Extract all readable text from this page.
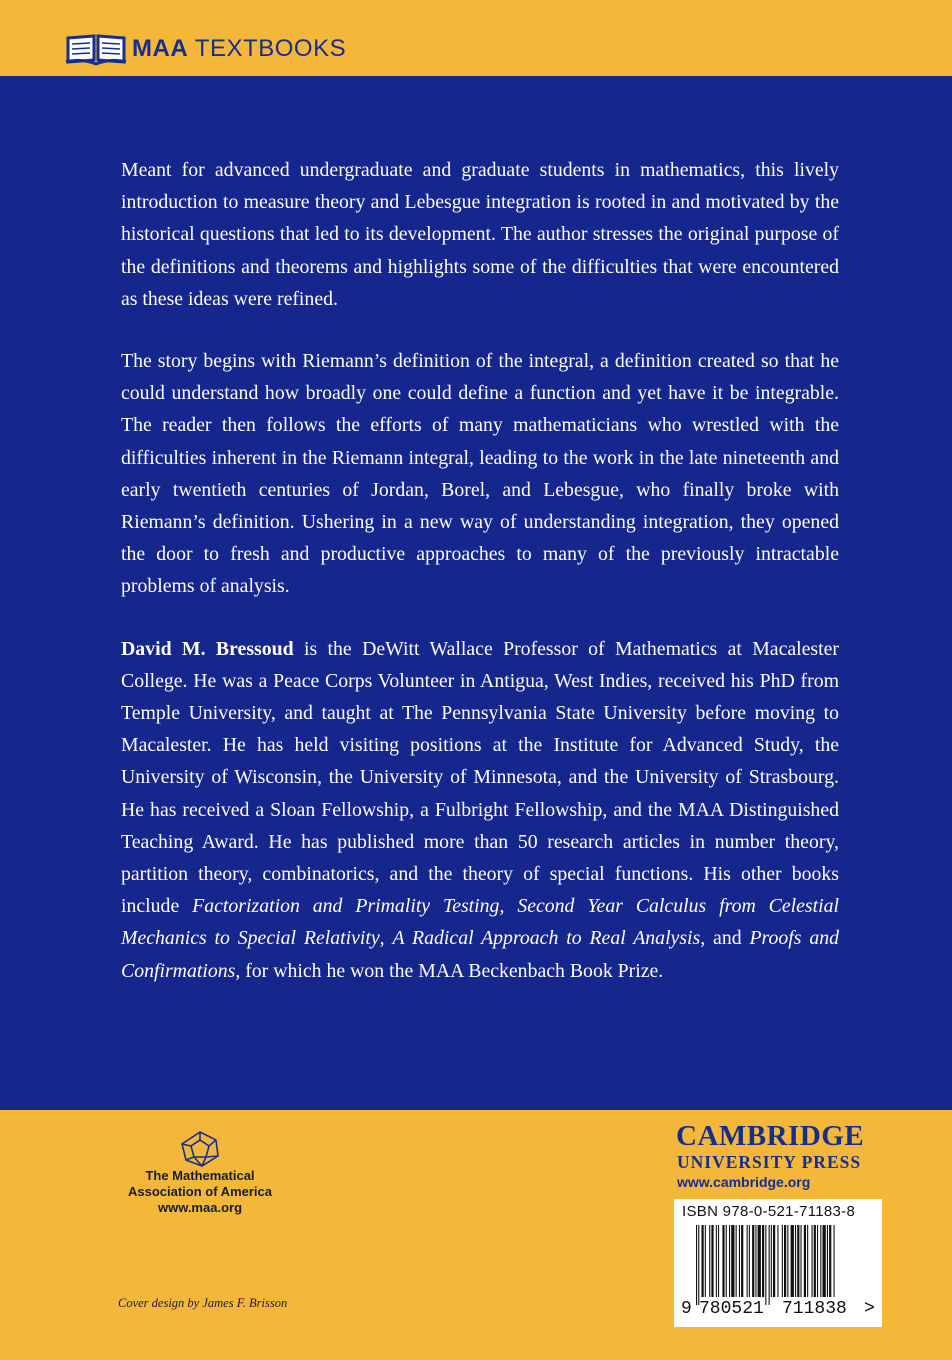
MAA TEXTBOOKS

Meant for advanced undergraduate and graduate students in mathematics, this lively introduction to measure theory and Lebesgue integration is rooted in and motivated by the historical questions that led to its development. The author stresses the original purpose of the definitions and theorems and highlights some of the difficulties that were encountered as these ideas were refined.

The story begins with Riemann’s definition of the integral, a definition created so that he could understand how broadly one could define a function and yet have it be integrable. The reader then follows the efforts of many mathematicians who wrestled with the difficulties inherent in the Riemann integral, leading to the work in the late nineteenth and early twentieth centuries of Jordan, Borel, and Lebesgue, who finally broke with Riemann’s definition. Ushering in a new way of understanding integration, they opened the door to fresh and productive approaches to many of the previously intractable problems of analysis.

David M. Bressoud is the DeWitt Wallace Professor of Mathematics at Macalester College. He was a Peace Corps Volunteer in Antigua, West Indies, received his PhD from Temple University, and taught at The Pennsylvania State University before moving to Macalester. He has held visiting positions at the Institute for Advanced Study, the University of Wisconsin, the University of Minnesota, and the University of Strasbourg. He has received a Sloan Fellowship, a Fulbright Fellowship, and the MAA Distinguished Teaching Award. He has published more than 50 research articles in number theory, partition theory, combinatorics, and the theory of special functions. His other books include Factorization and Primality Testing, Second Year Calculus from Celestial Mechanics to Special Relativity, A Radical Approach to Real Analysis, and Proofs and Confirmations, for which he won the MAA Beckenbach Book Prize.

The Mathematical
Association of America
www.maa.org
Cover design by James F. Brisson
CAMBRIDGE
UNIVERSITY PRESS
www.cambridge.org
ISBN 978-0-521-71183-8
9 780521 711838 >
